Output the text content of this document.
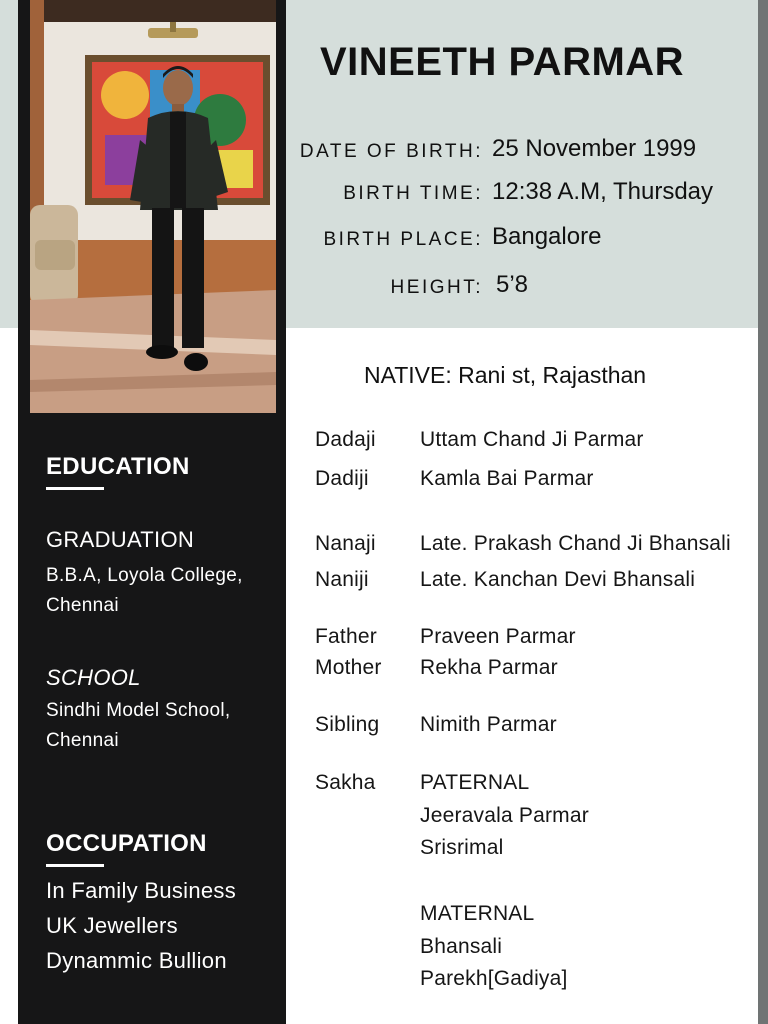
EDUCATION
GRADUATION
B.B.A, Loyola College,
Chennai
SCHOOL
Sindhi Model School,
Chennai
OCCUPATION
In Family Business
UK Jewellers
Dynammic Bullion
VINEETH PARMAR
DATE OF BIRTH: 25 November 1999
BIRTH TIME: 12:38 A.M, Thursday
BIRTH PLACE: Bangalore
HEIGHT: 5’8
NATIVE: Rani st, Rajasthan
Dadaji Uttam Chand Ji Parmar
Dadiji Kamla Bai Parmar
Nanaji Late. Prakash Chand Ji Bhansali
Naniji Late. Kanchan Devi Bhansali
Father Praveen Parmar
Mother Rekha Parmar
Sibling Nimith Parmar
Sakha PATERNAL
Jeeravala Parmar
Srisrimal
MATERNAL
Bhansali
Parekh[Gadiya]
